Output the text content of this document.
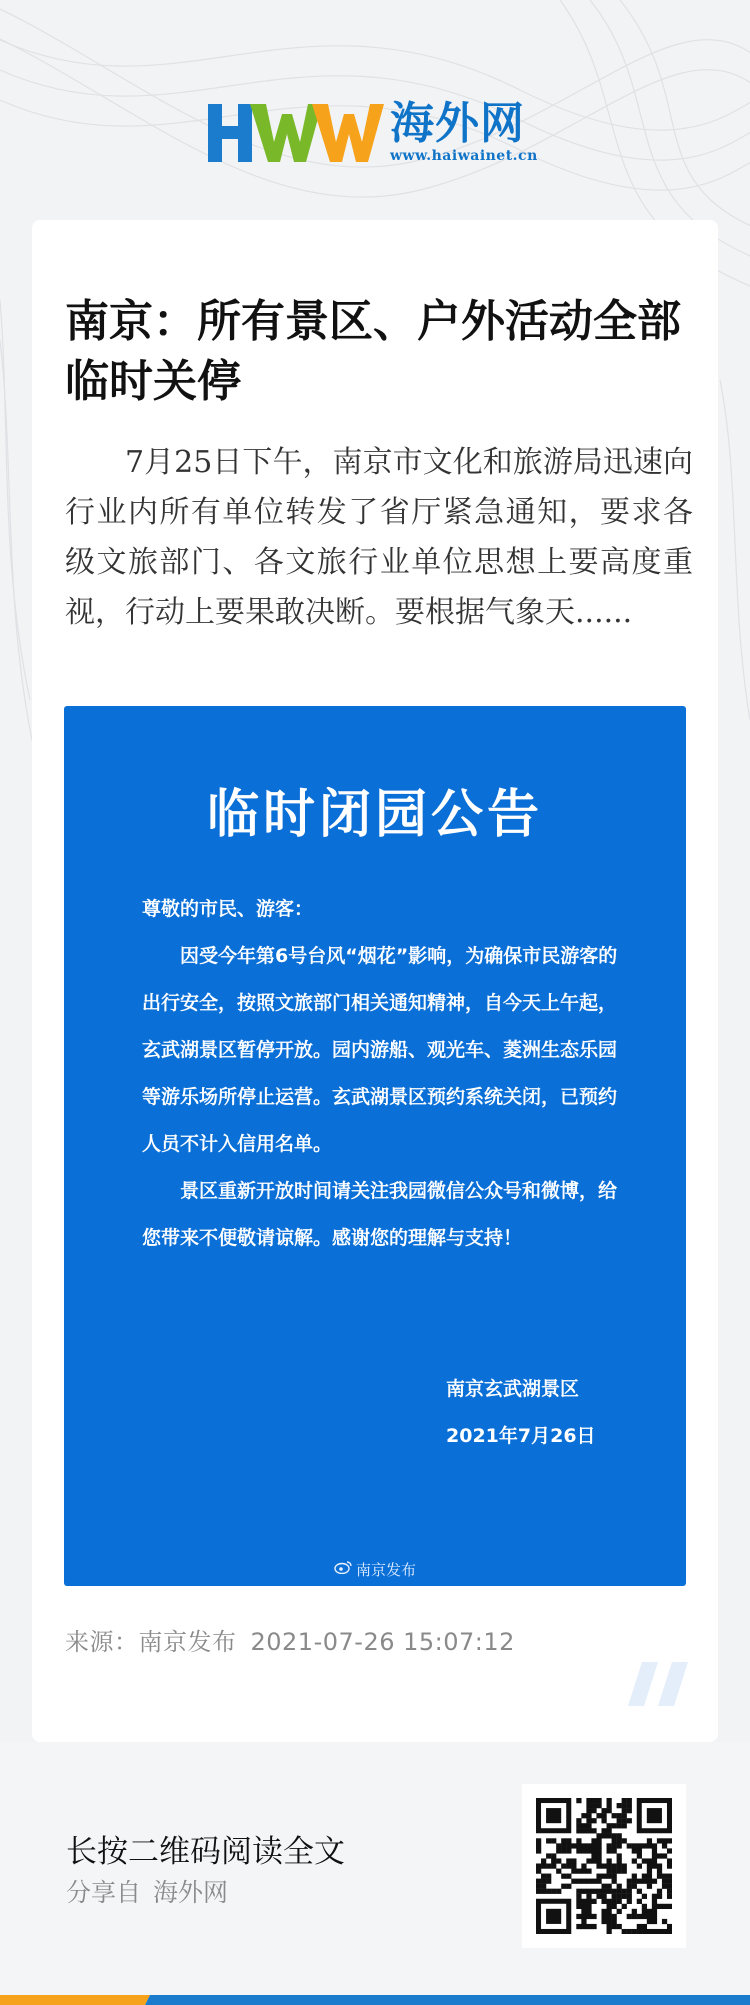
海外网
www.haiwainet.cn
南京：所有景区、户外活动全部临时关停
7月25日下午，南京市文化和旅游局迅速向行业内所有单位转发了省厅紧急通知，要求各级文旅部门、各文旅行业单位思想上要高度重视，行动上要果敢决断。要根据气象天......
临时闭园公告

尊敬的市民、游客：

因受今年第6号台风“烟花”影响，为确保市民游客的出行安全，按照文旅部门相关通知精神，自今天上午起，玄武湖景区暂停开放。园内游船、观光车、菱洲生态乐园等游乐场所停止运营。玄武湖景区预约系统关闭，已预约人员不计入信用名单。

景区重新开放时间请关注我园微信公众号和微博，给您带来不便敬请谅解。感谢您的理解与支持！

南京玄武湖景区
2021年7月26日
南京发布
来源：南京发布 2021-07-26 15:07:12
长按二维码阅读全文
分享自 海外网
